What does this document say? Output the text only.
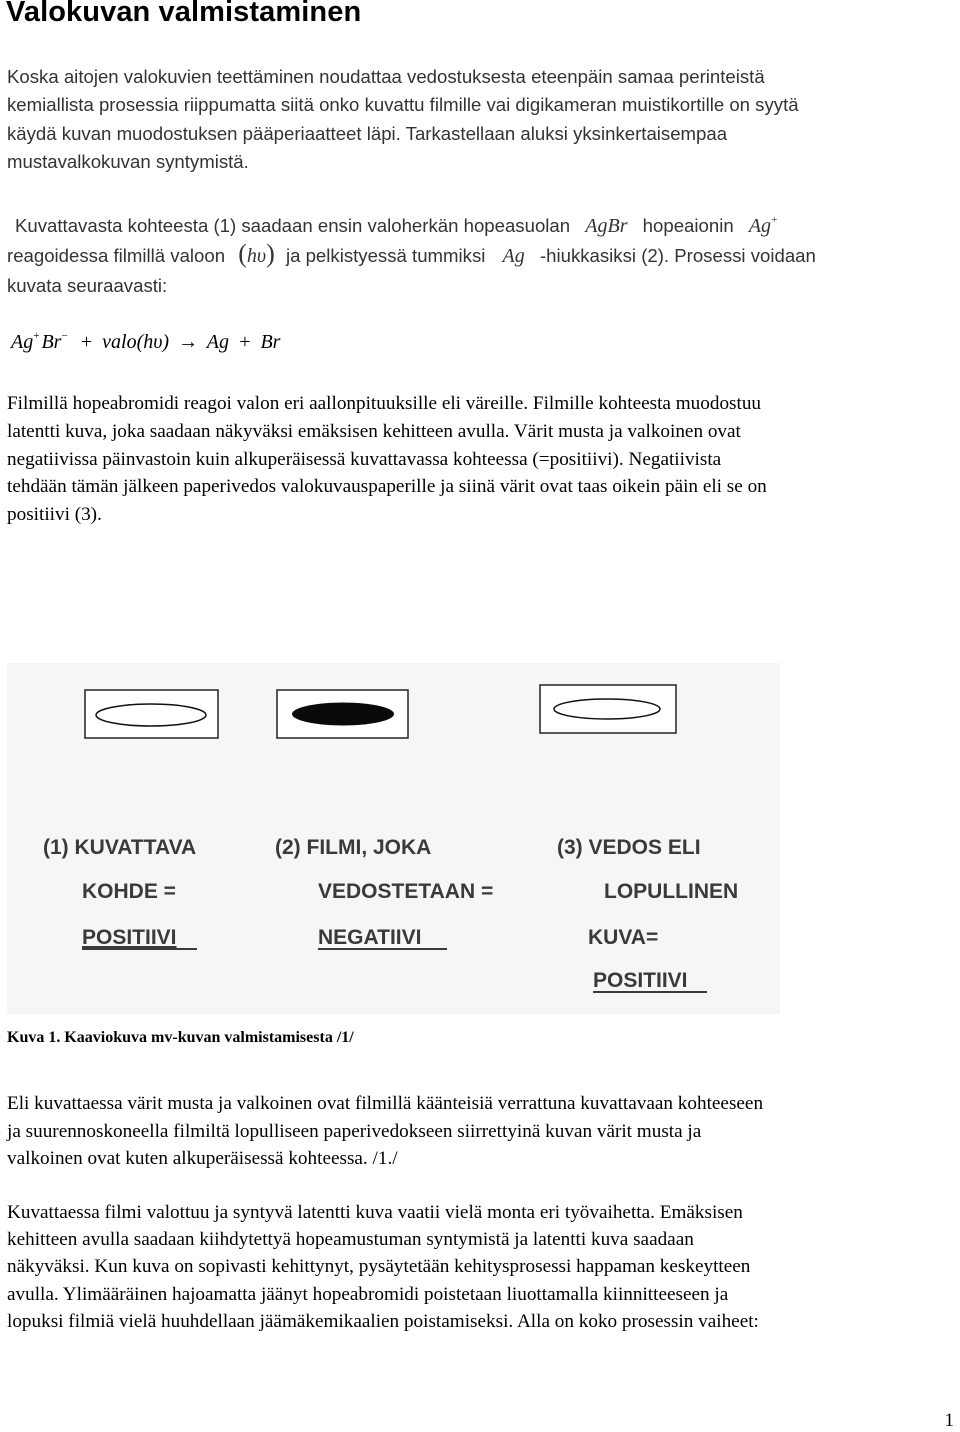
Valokuvan valmistaminen
Koska aitojen valokuvien teettäminen noudattaa vedostuksesta eteenpäin samaa perinteistä
kemiallista prosessia riippumatta siitä onko kuvattu filmille vai digikameran muistikortille on syytä
käydä kuvan muodostuksen pääperiaatteet läpi. Tarkastellaan aluksi yksinkertaisempaa
mustavalkokuvan syntymistä.
Kuvattavasta kohteesta (1) saadaan ensin valoherkän hopeasuolan AgBr hopeaionin Ag+
reagoidessa filmillä valoon (hυ) ja pelkistyessä tummiksi Ag -hiukkasiksi (2). Prosessi voidaan
kuvata seuraavasti:
Ag+ Br− + valo(hυ) → Ag + Br
Filmillä hopeabromidi reagoi valon eri aallonpituuksille eli väreille. Filmille kohteesta muodostuu
latentti kuva, joka saadaan näkyväksi emäksisen kehitteen avulla. Värit musta ja valkoinen ovat
negatiivissa päinvastoin kuin alkuperäisessä kuvattavassa kohteessa (=positiivi). Negatiivista
tehdään tämän jälkeen paperivedos valokuvauspaperille ja siinä värit ovat taas oikein päin eli se on
positiivi (3).
(1) KUVATTAVA
KOHDE =
POSITIIVI
(2) FILMI, JOKA
VEDOSTETAAN =
NEGATIIVI
(3) VEDOS ELI
LOPULLINEN
KUVA=
POSITIIVI
Kuva 1. Kaaviokuva mv-kuvan valmistamisesta /1/
Eli kuvattaessa värit musta ja valkoinen ovat filmillä käänteisiä verrattuna kuvattavaan kohteeseen
ja suurennoskoneella filmiltä lopulliseen paperivedokseen siirrettyinä kuvan värit musta ja
valkoinen ovat kuten alkuperäisessä kohteessa. /1./
Kuvattaessa filmi valottuu ja syntyvä latentti kuva vaatii vielä monta eri työvaihetta. Emäksisen
kehitteen avulla saadaan kiihdytettyä hopeamustuman syntymistä ja latentti kuva saadaan
näkyväksi. Kun kuva on sopivasti kehittynyt, pysäytetään kehitysprosessi happaman keskeytteen
avulla. Ylimääräinen hajoamatta jäänyt hopeabromidi poistetaan liuottamalla kiinnitteeseen ja
lopuksi filmiä vielä huuhdellaan jäämäkemikaalien poistamiseksi. Alla on koko prosessin vaiheet:
1
